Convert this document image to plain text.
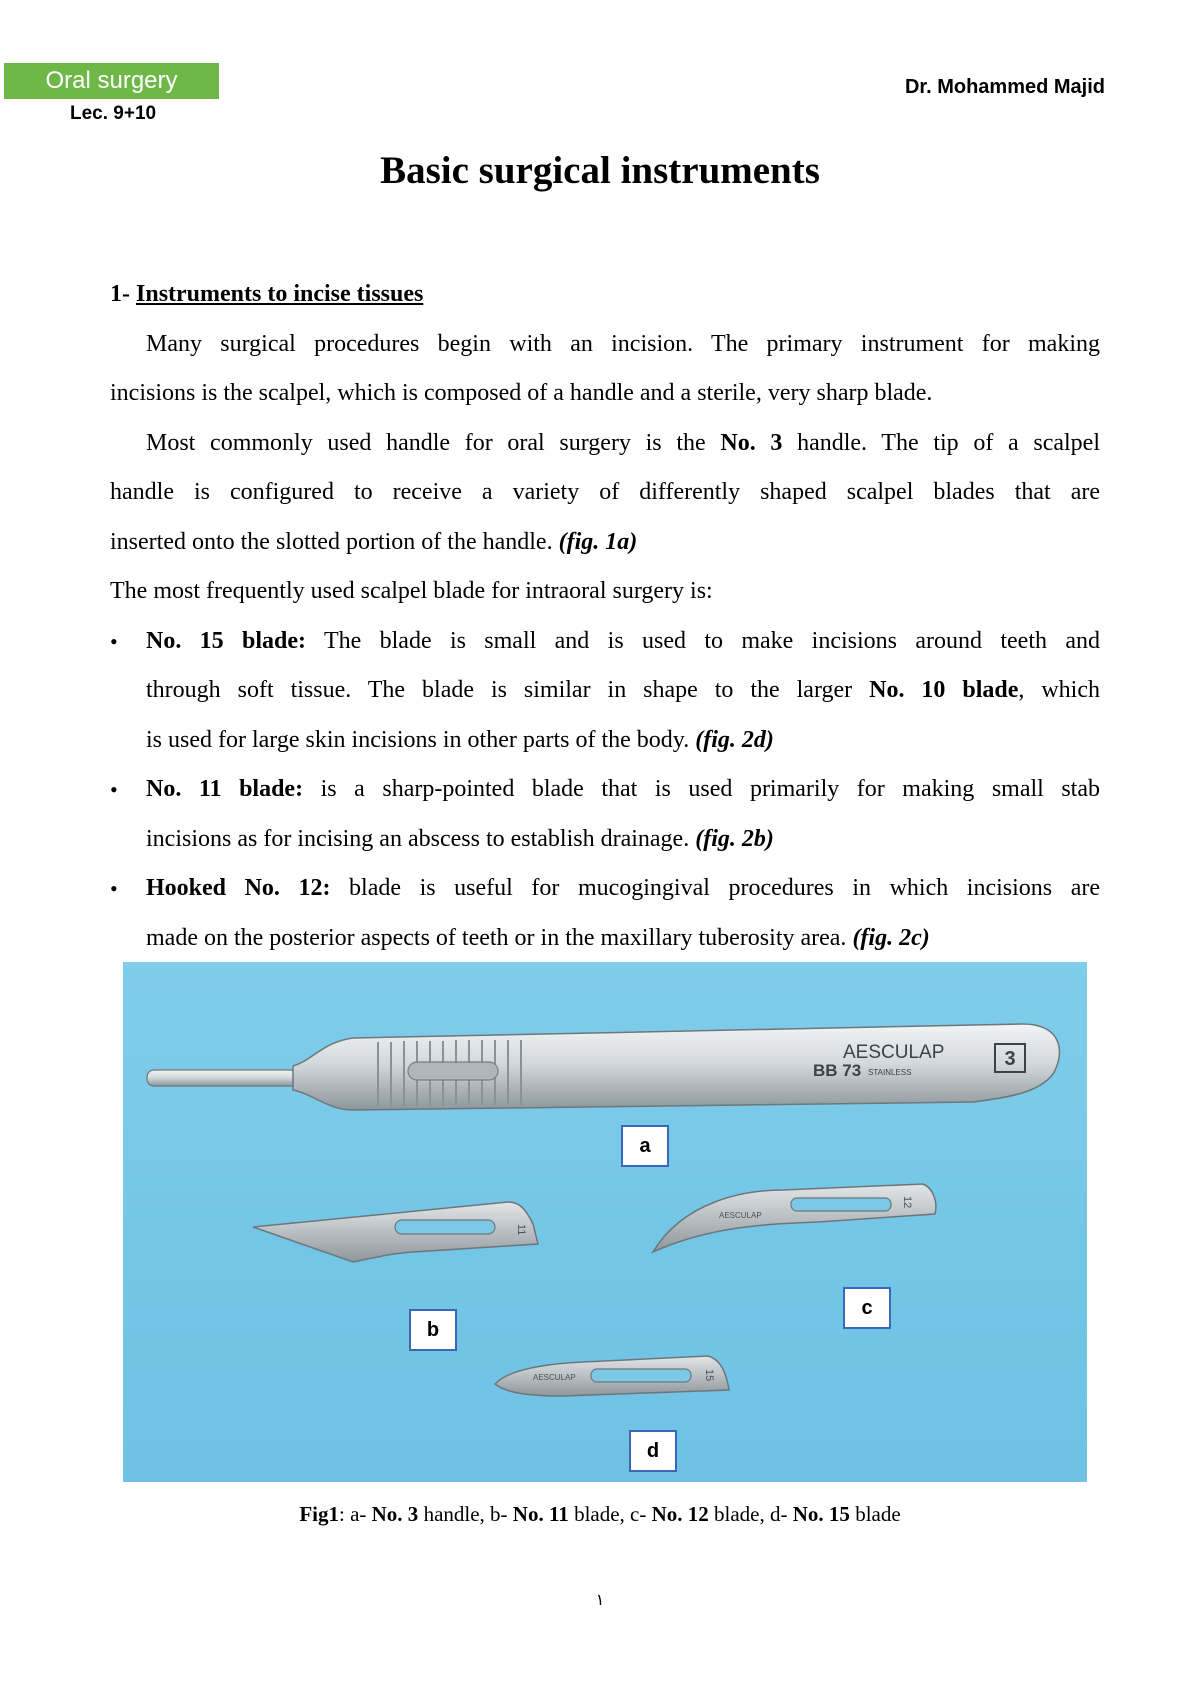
Oral surgery
Lec. 9+10
Dr. Mohammed Majid
Basic surgical instruments
1- Instruments to incise tissues
Many surgical procedures begin with an incision. The primary instrument for making
incisions is the scalpel, which is composed of a handle and a sterile, very sharp blade.
Most commonly used handle for oral surgery is the No. 3 handle. The tip of a scalpel
handle is configured to receive a variety of differently shaped scalpel blades that are
inserted onto the slotted portion of the handle. (fig. 1a)
The most frequently used scalpel blade for intraoral surgery is:
• No. 15 blade: The blade is small and is used to make incisions around teeth and
through soft tissue. The blade is similar in shape to the larger No. 10 blade, which
is used for large skin incisions in other parts of the body. (fig. 2d)
• No. 11 blade: is a sharp-pointed blade that is used primarily for making small stab
incisions as for incising an abscess to establish drainage. (fig. 2b)
• Hooked No. 12: blade is useful for mucogingival procedures in which incisions are
made on the posterior aspects of teeth or in the maxillary tuberosity area. (fig. 2c)
AESCULAP
BB 73 STAINLESS
3
11
AESCULAP
12
AESCULAP	15
a
b
c
d
Fig1: a- No. 3 handle, b- No. 11 blade, c- No. 12 blade, d- No. 15 blade
١
